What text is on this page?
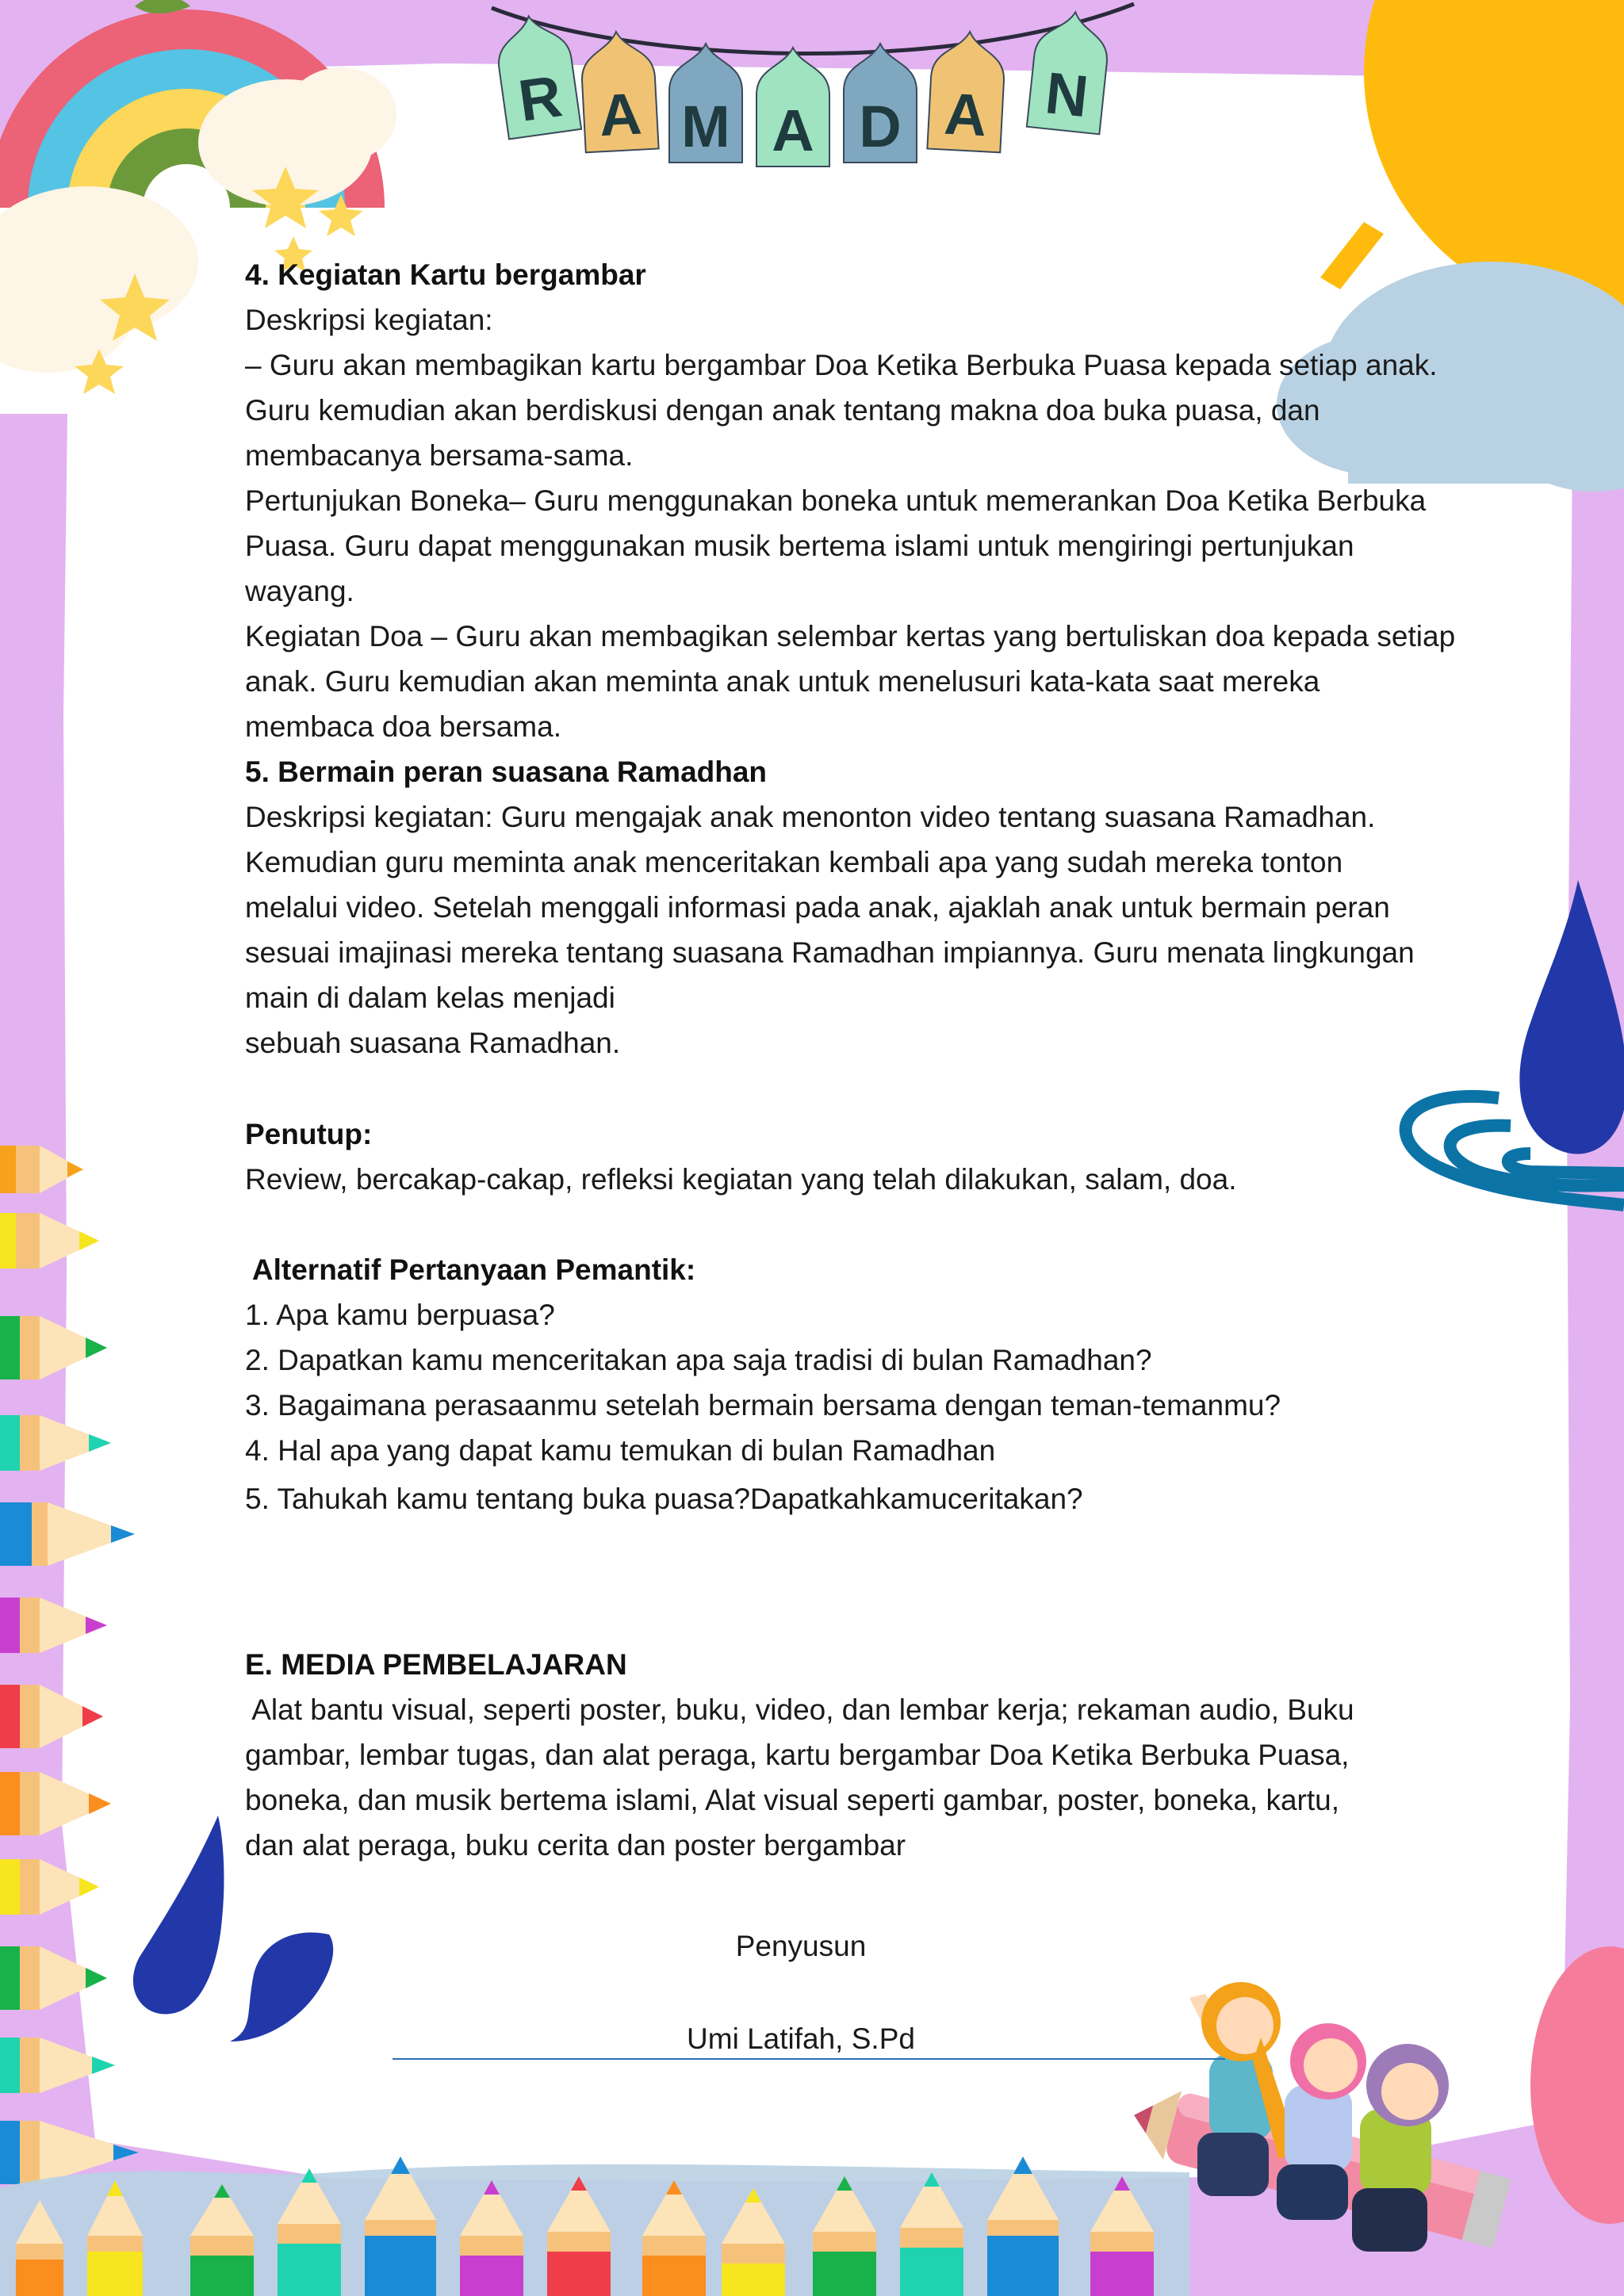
R A M A D A N

4. Kegiatan Kartu bergambar

Deskripsi kegiatan:

– Guru akan membagikan kartu bergambar Doa Ketika Berbuka Puasa kepada setiap anak.

Guru kemudian akan berdiskusi dengan anak tentang makna doa buka puasa, dan

membacanya bersama-sama.

Pertunjukan Boneka– Guru menggunakan boneka untuk memerankan Doa Ketika Berbuka

Puasa. Guru dapat menggunakan musik bertema islami untuk mengiringi pertunjukan

wayang.

Kegiatan Doa – Guru akan membagikan selembar kertas yang bertuliskan doa kepada setiap

anak. Guru kemudian akan meminta anak untuk menelusuri kata-kata saat mereka

membaca doa bersama.

5. Bermain peran suasana Ramadhan

Deskripsi kegiatan: Guru mengajak anak menonton video tentang suasana Ramadhan.

Kemudian guru meminta anak menceritakan kembali apa yang sudah mereka tonton

melalui video. Setelah menggali informasi pada anak, ajaklah anak untuk bermain peran

sesuai imajinasi mereka tentang suasana Ramadhan impiannya. Guru menata lingkungan

main di dalam kelas menjadi

sebuah suasana Ramadhan.

Penutup:

Review, bercakap-cakap, refleksi kegiatan yang telah dilakukan, salam, doa.

Alternatif Pertanyaan Pemantik:

1. Apa kamu berpuasa?

2. Dapatkan kamu menceritakan apa saja tradisi di bulan Ramadhan?

3. Bagaimana perasaanmu setelah bermain bersama dengan teman-temanmu?

4. Hal apa yang dapat kamu temukan di bulan Ramadhan

5. Tahukah kamu tentang buka puasa?Dapatkahkamuceritakan?

E. MEDIA PEMBELAJARAN

Alat bantu visual, seperti poster, buku, video, dan lembar kerja; rekaman audio, Buku

gambar, lembar tugas, dan alat peraga, kartu bergambar Doa Ketika Berbuka Puasa,

boneka, dan musik bertema islami, Alat visual seperti gambar, poster, boneka, kartu,

dan alat peraga, buku cerita dan poster bergambar

Penyusun

Umi Latifah, S.Pd
